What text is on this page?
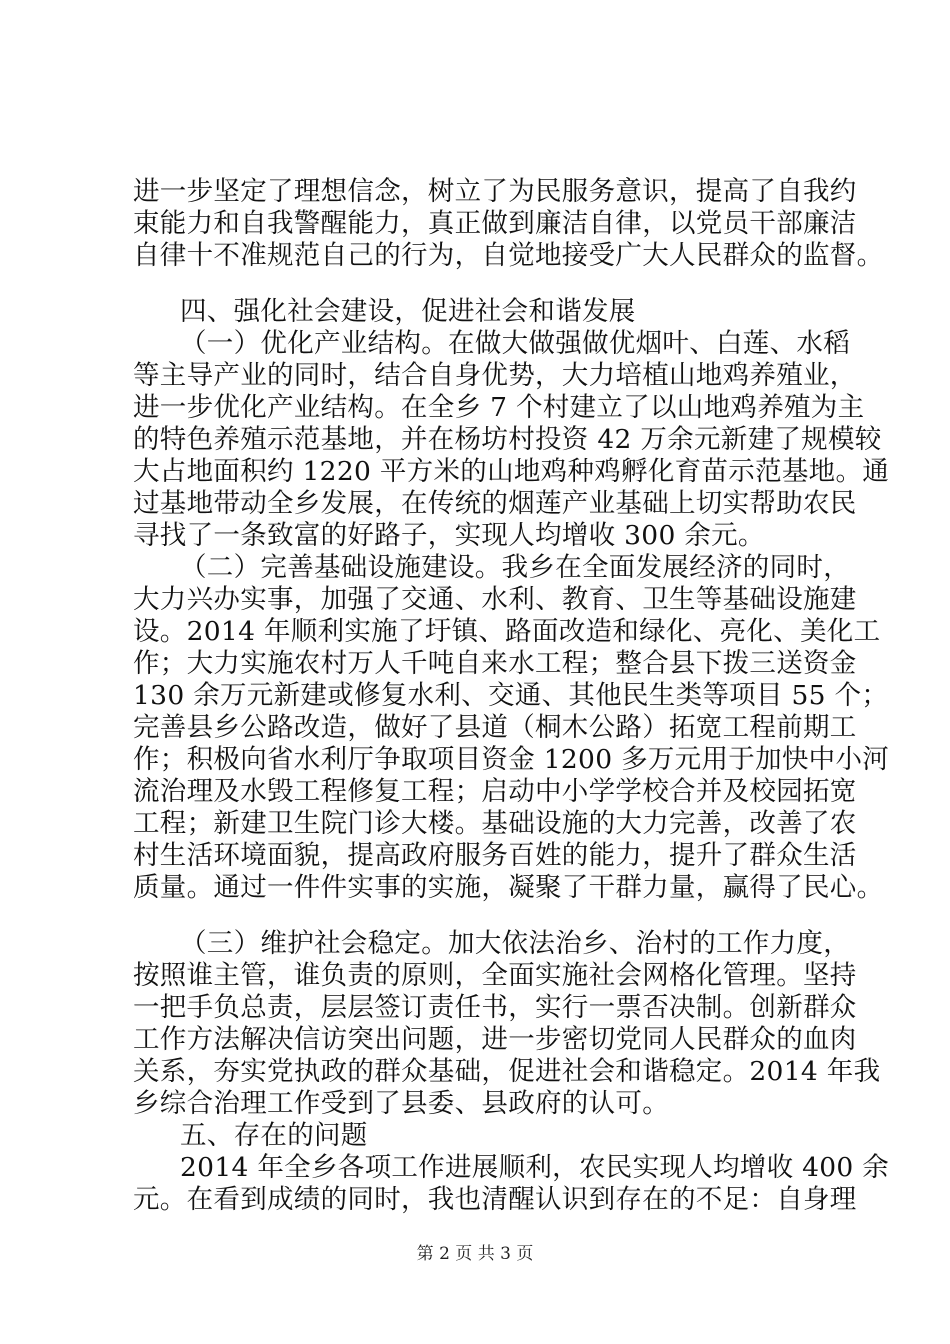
进一步坚定了理想信念，树立了为民服务意识，提高了自我约
束能力和自我警醒能力，真正做到廉洁自律，以党员干部廉洁
自律十不准规范自己的行为，自觉地接受广大人民群众的监督。
四、强化社会建设，促进社会和谐发展
（一）优化产业结构。在做大做强做优烟叶、白莲、水稻
等主导产业的同时，结合自身优势，大力培植山地鸡养殖业，
进一步优化产业结构。在全乡 7 个村建立了以山地鸡养殖为主
的特色养殖示范基地，并在杨坊村投资 42 万余元新建了规模较
大占地面积约 1220 平方米的山地鸡种鸡孵化育苗示范基地。通
过基地带动全乡发展，在传统的烟莲产业基础上切实帮助农民
寻找了一条致富的好路子，实现人均增收 300 余元。
（二）完善基础设施建设。我乡在全面发展经济的同时，
大力兴办实事，加强了交通、水利、教育、卫生等基础设施建
设。2014 年顺利实施了圩镇、路面改造和绿化、亮化、美化工
作；大力实施农村万人千吨自来水工程；整合县下拨三送资金
130 余万元新建或修复水利、交通、其他民生类等项目 55 个；
完善县乡公路改造，做好了县道（桐木公路）拓宽工程前期工
作；积极向省水利厅争取项目资金 1200 多万元用于加快中小河
流治理及水毁工程修复工程；启动中小学学校合并及校园拓宽
工程；新建卫生院门诊大楼。基础设施的大力完善，改善了农
村生活环境面貌，提高政府服务百姓的能力，提升了群众生活
质量。通过一件件实事的实施，凝聚了干群力量，赢得了民心。
（三）维护社会稳定。加大依法治乡、治村的工作力度，
按照谁主管，谁负责的原则，全面实施社会网格化管理。坚持
一把手负总责，层层签订责任书，实行一票否决制。创新群众
工作方法解决信访突出问题，进一步密切党同人民群众的血肉
关系，夯实党执政的群众基础，促进社会和谐稳定。2014 年我
乡综合治理工作受到了县委、县政府的认可。
五、存在的问题
2014 年全乡各项工作进展顺利，农民实现人均增收 400 余
元。在看到成绩的同时，我也清醒认识到存在的不足：自身理
第 2 页 共 3 页
